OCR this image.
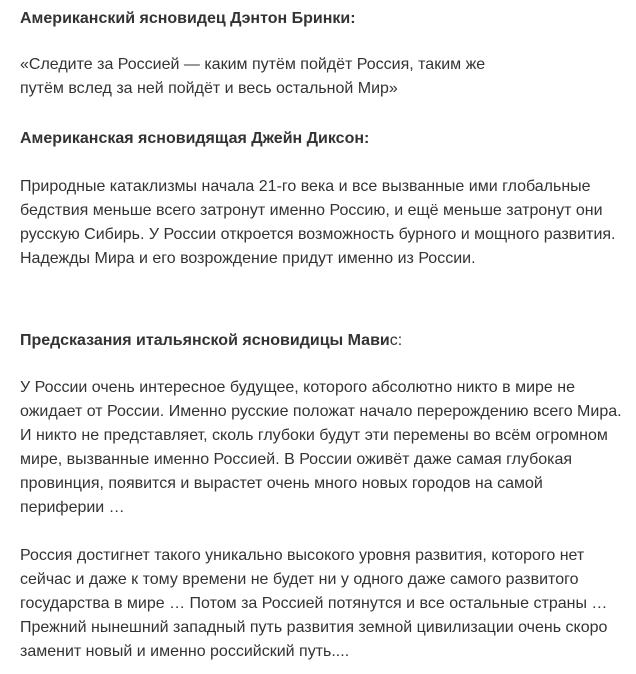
Американский ясновидец Дэнтон Бринки:

«Следите за Россией — каким путём пойдёт Россия, таким же
путём вслед за ней пойдёт и весь остальной Мир»

Американская ясновидящая Джейн Диксон:

Природные катаклизмы начала 21-го века и все вызванные ими глобальные
бедствия меньше всего затронут именно Россию, и ещё меньше затронут они
русскую Сибирь. У России откроется возможность бурного и мощного развития.
Надежды Мира и его возрождение придут именно из России.

Предсказания итальянской ясновидицы Мавис:

У России очень интересное будущее, которого абсолютно никто в мире не
ожидает от России. Именно русские положат начало перерождению всего Мира.
И никто не представляет, сколь глубоки будут эти перемены во всём огромном
мире, вызванные именно Россией. В России оживёт даже самая глубокая
провинция, появится и вырастет очень много новых городов на самой
периферии …

Россия достигнет такого уникально высокого уровня развития, которого нет
сейчас и даже к тому времени не будет ни у одного даже самого развитого
государства в мире … Потом за Россией потянутся и все остальные страны …
Прежний нынешний западный путь развития земной цивилизации очень скоро
заменит новый и именно российский путь....
